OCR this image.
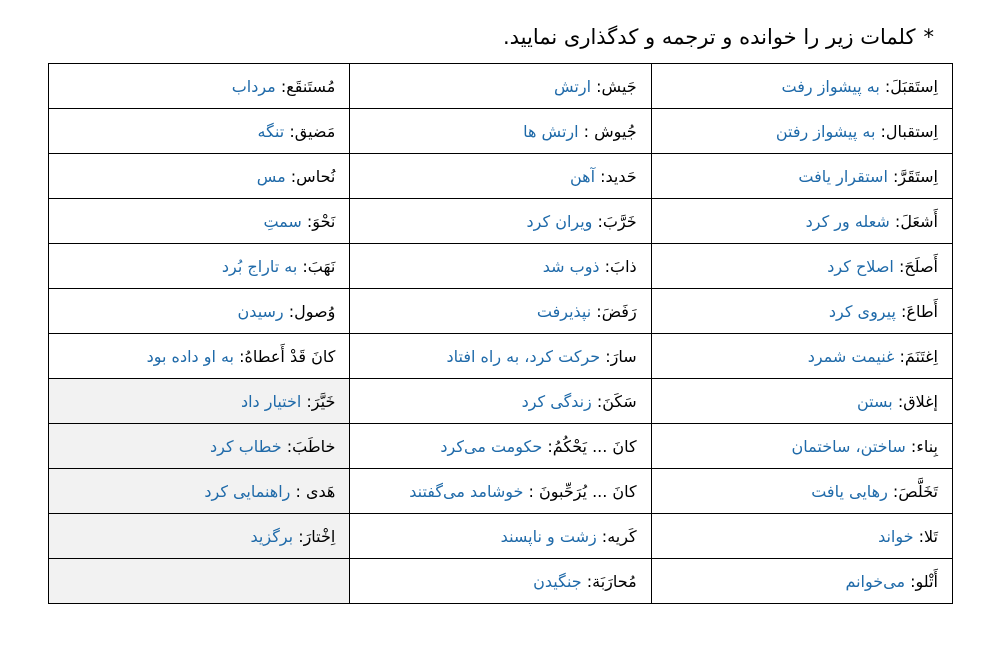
*کلمات زیر را خوانده و ترجمه و کدگذاری نمایید.
اِستَقبَلَ: به پیشواز رفت	جَیش: ارتش	مُستَنقَع: مرداب
اِستقبال: به پیشواز رفتن	جُیوش : ارتش ها	مَضیق: تنگه
اِستَقَرَّ: استقرار یافت	حَدید: آهن	نُحاس: مس
أَشعَلَ: شعله ور کرد	خَرَّبَ: ویران کرد	نَحْوَ: سمتِ
أَصلَحَ: اصلاح کرد	ذابَ: ذوب شد	نَهَبَ: به تاراج بُرد
أَطاعَ: پیروی کرد	رَفَضَ: نپذیرفت	وُصول: رسیدن
اِغتَنَمَ: غنیمت شمرد	سارَ: حرکت کرد، به راه افتاد	کانَ قَدْ أَعطاهُ: به او داده بود
إغلاق: بستن	سَکَنَ: زندگی کرد	خَیَّرَ: اختیار داد
بِناء: ساختن، ساختمان	کانَ ... یَحْکُمُ: حکومت می‌کرد	خاطَبَ: خطاب کرد
تَخَلَّصَ: رهایی یافت	کانَ ... یُرَحِّبونَ : خوشامد می‌گفتند	هَدی : راهنمایی کرد
تَلا: خواند	کَریه: زشت و ناپسند	اِخْتارَ: برگزید
أَتْلو: می‌خوانم	مُحارَبَة: جنگیدن	
